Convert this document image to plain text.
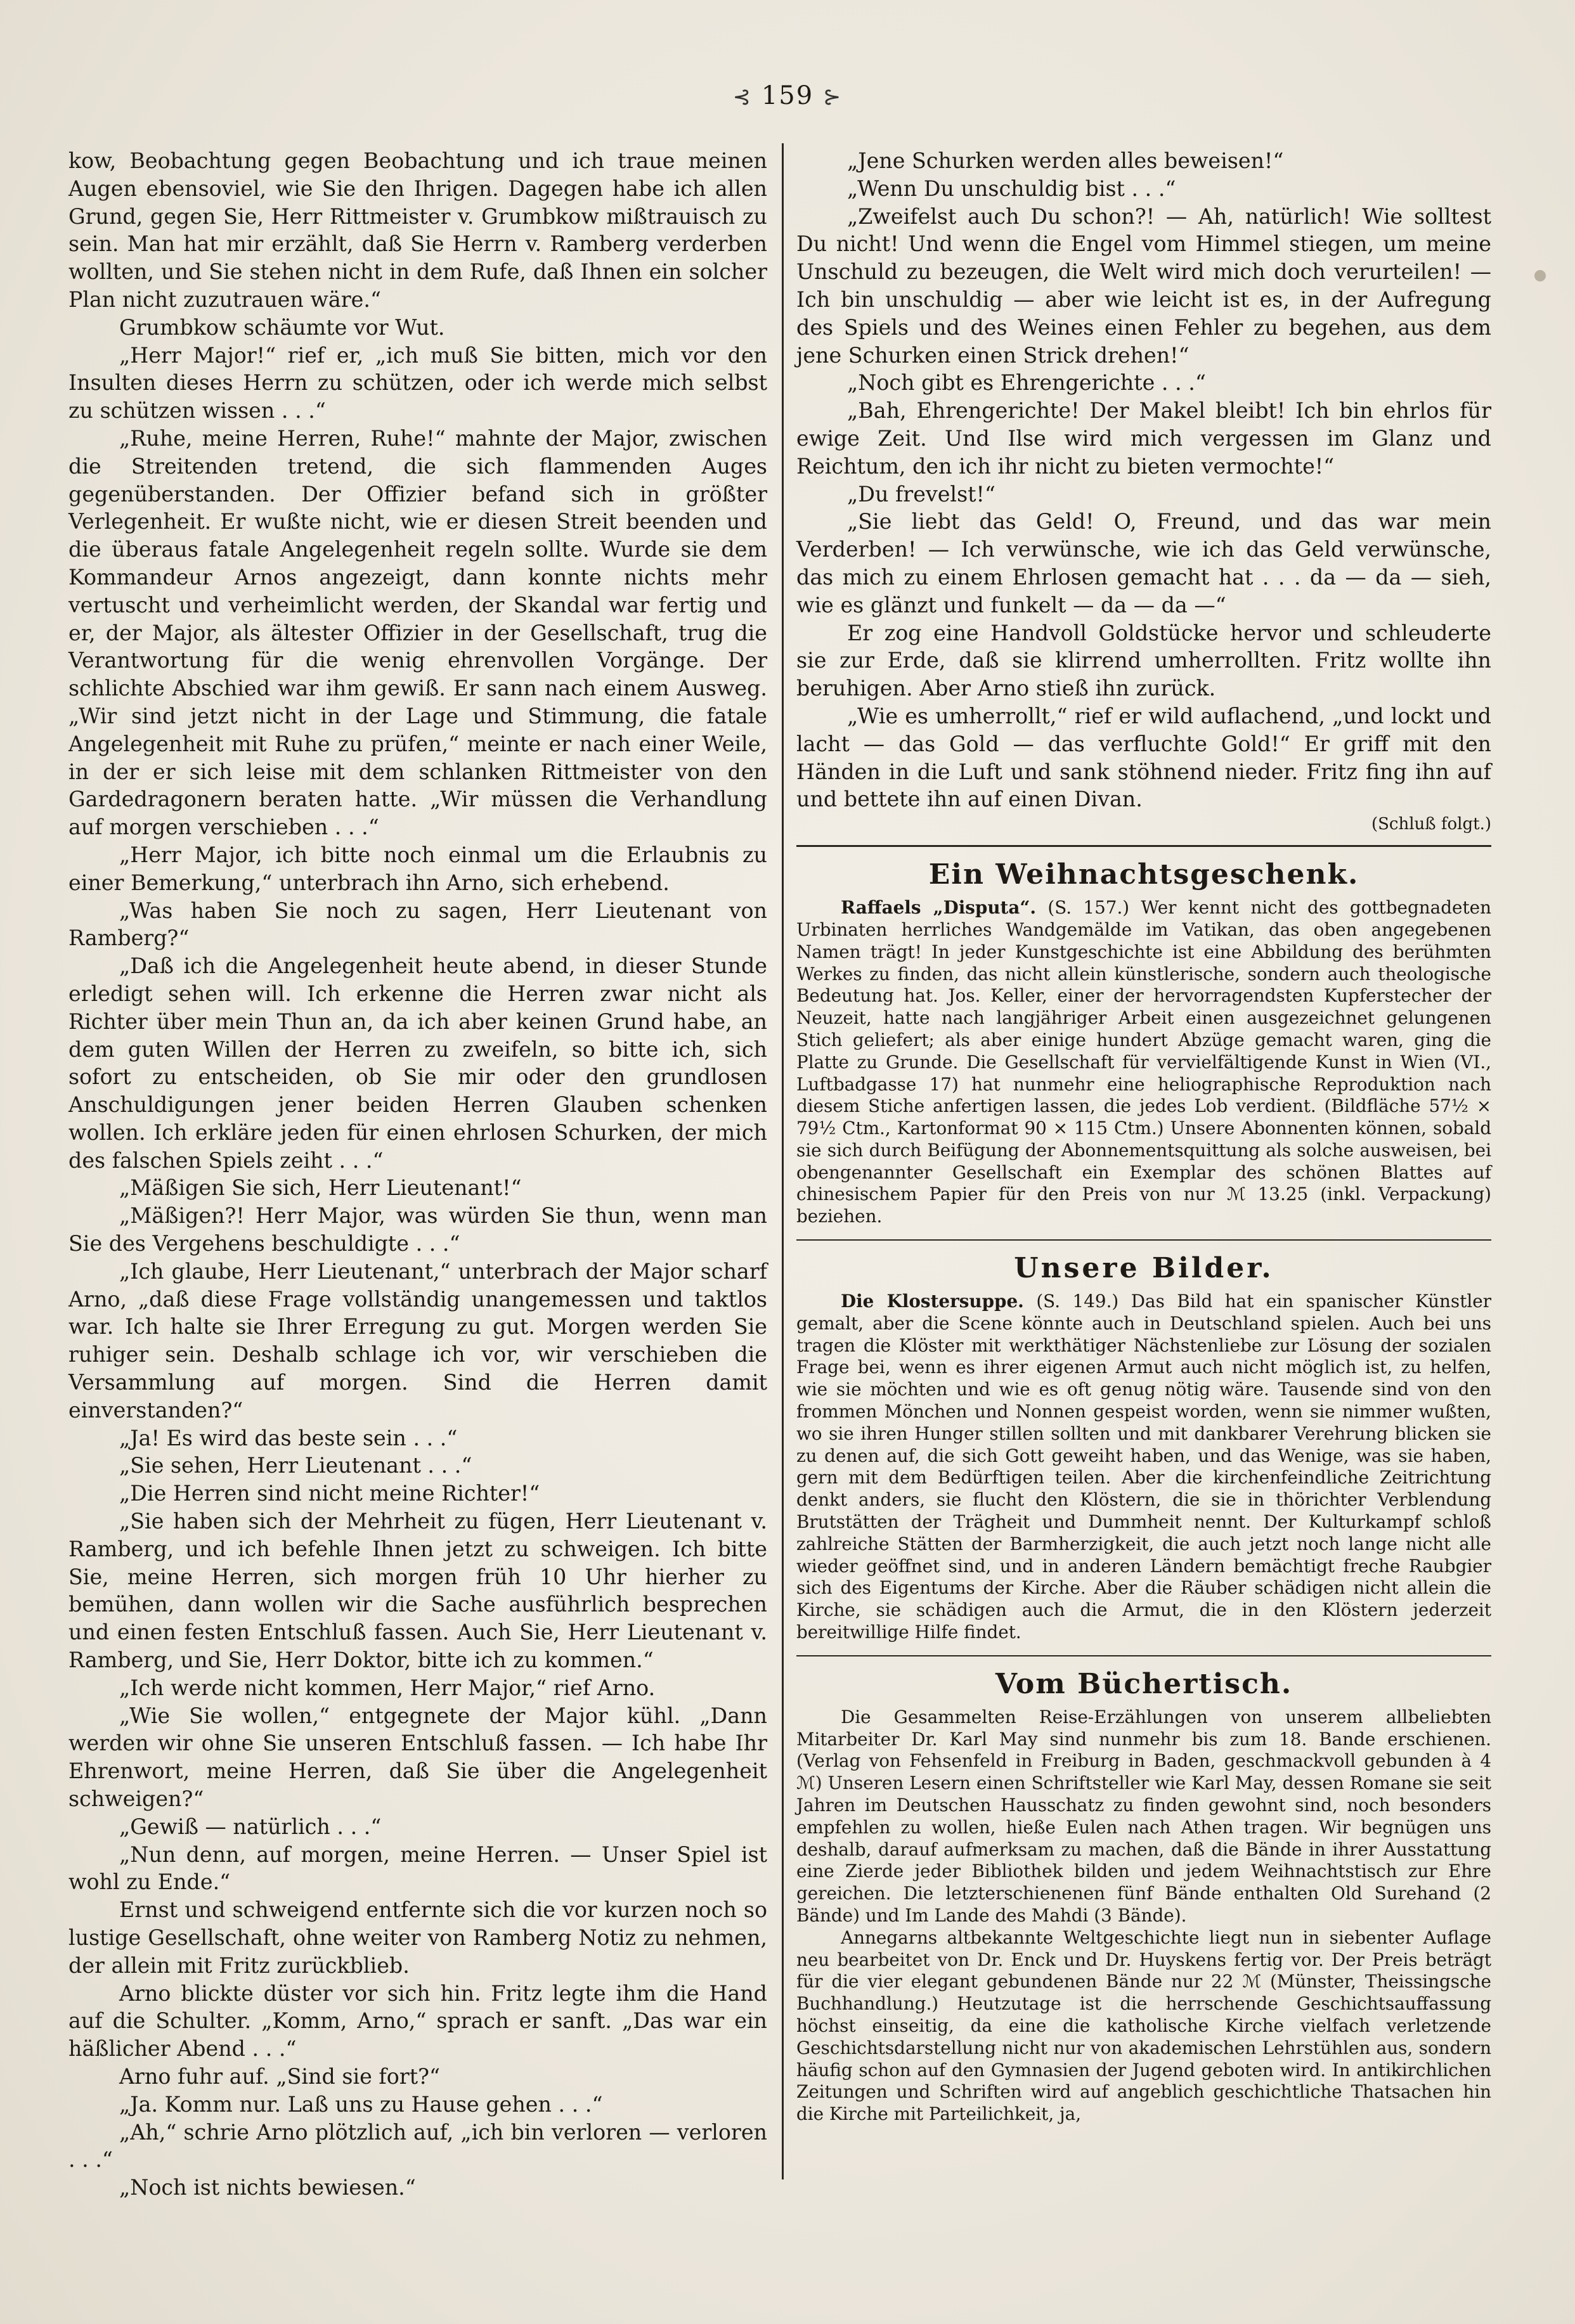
⊰ 159 ⊱

kow, Beobachtung gegen Beobachtung und ich traue meinen Augen ebensoviel, wie Sie den Ihrigen. Dagegen habe ich allen Grund, gegen Sie, Herr Rittmeister v. Grumbkow mißtrauisch zu sein. Man hat mir erzählt, daß Sie Herrn v. Ramberg verderben wollten, und Sie stehen nicht in dem Rufe, daß Ihnen ein solcher Plan nicht zuzutrauen wäre.“

Grumbkow schäumte vor Wut.

„Herr Major!“ rief er, „ich muß Sie bitten, mich vor den Insulten dieses Herrn zu schützen, oder ich werde mich selbst zu schützen wissen . . .“

„Ruhe, meine Herren, Ruhe!“ mahnte der Major, zwischen die Streitenden tretend, die sich flammenden Auges gegenüberstanden. Der Offizier befand sich in größter Verlegenheit. Er wußte nicht, wie er diesen Streit beenden und die überaus fatale Angelegenheit regeln sollte. Wurde sie dem Kommandeur Arnos angezeigt, dann konnte nichts mehr vertuscht und verheimlicht werden, der Skandal war fertig und er, der Major, als ältester Offizier in der Gesellschaft, trug die Verantwortung für die wenig ehrenvollen Vorgänge. Der schlichte Abschied war ihm gewiß. Er sann nach einem Ausweg. „Wir sind jetzt nicht in der Lage und Stimmung, die fatale Angelegenheit mit Ruhe zu prüfen,“ meinte er nach einer Weile, in der er sich leise mit dem schlanken Rittmeister von den Gardedragonern beraten hatte. „Wir müssen die Verhandlung auf morgen verschieben . . .“

„Herr Major, ich bitte noch einmal um die Erlaubnis zu einer Bemerkung,“ unterbrach ihn Arno, sich erhebend.

„Was haben Sie noch zu sagen, Herr Lieutenant von Ramberg?“

„Daß ich die Angelegenheit heute abend, in dieser Stunde erledigt sehen will. Ich erkenne die Herren zwar nicht als Richter über mein Thun an, da ich aber keinen Grund habe, an dem guten Willen der Herren zu zweifeln, so bitte ich, sich sofort zu entscheiden, ob Sie mir oder den grundlosen Anschuldigungen jener beiden Herren Glauben schenken wollen. Ich erkläre jeden für einen ehrlosen Schurken, der mich des falschen Spiels zeiht . . .“

„Mäßigen Sie sich, Herr Lieutenant!“

„Mäßigen?! Herr Major, was würden Sie thun, wenn man Sie des Vergehens beschuldigte . . .“

„Ich glaube, Herr Lieutenant,“ unterbrach der Major scharf Arno, „daß diese Frage vollständig unangemessen und taktlos war. Ich halte sie Ihrer Erregung zu gut. Morgen werden Sie ruhiger sein. Deshalb schlage ich vor, wir verschieben die Versammlung auf morgen. Sind die Herren damit einverstanden?“

„Ja! Es wird das beste sein . . .“

„Sie sehen, Herr Lieutenant . . .“

„Die Herren sind nicht meine Richter!“

„Sie haben sich der Mehrheit zu fügen, Herr Lieutenant v. Ramberg, und ich befehle Ihnen jetzt zu schweigen. Ich bitte Sie, meine Herren, sich morgen früh 10 Uhr hierher zu bemühen, dann wollen wir die Sache ausführlich besprechen und einen festen Entschluß fassen. Auch Sie, Herr Lieutenant v. Ramberg, und Sie, Herr Doktor, bitte ich zu kommen.“

„Ich werde nicht kommen, Herr Major,“ rief Arno.

„Wie Sie wollen,“ entgegnete der Major kühl. „Dann werden wir ohne Sie unseren Entschluß fassen. — Ich habe Ihr Ehrenwort, meine Herren, daß Sie über die Angelegenheit schweigen?“

„Gewiß — natürlich . . .“

„Nun denn, auf morgen, meine Herren. — Unser Spiel ist wohl zu Ende.“

Ernst und schweigend entfernte sich die vor kurzen noch so lustige Gesellschaft, ohne weiter von Ramberg Notiz zu nehmen, der allein mit Fritz zurückblieb.

Arno blickte düster vor sich hin. Fritz legte ihm die Hand auf die Schulter. „Komm, Arno,“ sprach er sanft. „Das war ein häßlicher Abend . . .“

Arno fuhr auf. „Sind sie fort?“

„Ja. Komm nur. Laß uns zu Hause gehen . . .“

„Ah,“ schrie Arno plötzlich auf, „ich bin verloren — verloren . . .“

„Noch ist nichts bewiesen.“

„Jene Schurken werden alles beweisen!“

„Wenn Du unschuldig bist . . .“

„Zweifelst auch Du schon?! — Ah, natürlich! Wie solltest Du nicht! Und wenn die Engel vom Himmel stiegen, um meine Unschuld zu bezeugen, die Welt wird mich doch verurteilen! — Ich bin unschuldig — aber wie leicht ist es, in der Aufregung des Spiels und des Weines einen Fehler zu begehen, aus dem jene Schurken einen Strick drehen!“

„Noch gibt es Ehrengerichte . . .“

„Bah, Ehrengerichte! Der Makel bleibt! Ich bin ehrlos für ewige Zeit. Und Ilse wird mich vergessen im Glanz und Reichtum, den ich ihr nicht zu bieten vermochte!“

„Du frevelst!“

„Sie liebt das Geld! O, Freund, und das war mein Verderben! — Ich verwünsche, wie ich das Geld verwünsche, das mich zu einem Ehrlosen gemacht hat . . . da — da — sieh, wie es glänzt und funkelt — da — da —“

Er zog eine Handvoll Goldstücke hervor und schleuderte sie zur Erde, daß sie klirrend umherrollten. Fritz wollte ihn beruhigen. Aber Arno stieß ihn zurück.

„Wie es umherrollt,“ rief er wild auflachend, „und lockt und lacht — das Gold — das verfluchte Gold!“ Er griff mit den Händen in die Luft und sank stöhnend nieder. Fritz fing ihn auf und bettete ihn auf einen Divan.

(Schluß folgt.)
Ein Weihnachtsgeschenk.

Raffaels „Disputa“. (S. 157.) Wer kennt nicht des gottbegnadeten Urbinaten herrliches Wandgemälde im Vatikan, das oben angegebenen Namen trägt! In jeder Kunstgeschichte ist eine Abbildung des berühmten Werkes zu finden, das nicht allein künstlerische, sondern auch theologische Bedeutung hat. Jos. Keller, einer der hervorragendsten Kupferstecher der Neuzeit, hatte nach langjähriger Arbeit einen ausgezeichnet gelungenen Stich geliefert; als aber einige hundert Abzüge gemacht waren, ging die Platte zu Grunde. Die Gesellschaft für vervielfältigende Kunst in Wien (VI., Luftbadgasse 17) hat nunmehr eine heliographische Reproduktion nach diesem Stiche anfertigen lassen, die jedes Lob verdient. (Bildfläche 57½ × 79½ Ctm., Kartonformat 90 × 115 Ctm.) Unsere Abonnenten können, sobald sie sich durch Beifügung der Abonnementsquittung als solche ausweisen, bei obengenannter Gesellschaft ein Exemplar des schönen Blattes auf chinesischem Papier für den Preis von nur ℳ 13.25 (inkl. Verpackung) beziehen.

Unsere Bilder.

Die Klostersuppe. (S. 149.) Das Bild hat ein spanischer Künstler gemalt, aber die Scene könnte auch in Deutschland spielen. Auch bei uns tragen die Klöster mit werkthätiger Nächstenliebe zur Lösung der sozialen Frage bei, wenn es ihrer eigenen Armut auch nicht möglich ist, zu helfen, wie sie möchten und wie es oft genug nötig wäre. Tausende sind von den frommen Mönchen und Nonnen gespeist worden, wenn sie nimmer wußten, wo sie ihren Hunger stillen sollten und mit dankbarer Verehrung blicken sie zu denen auf, die sich Gott geweiht haben, und das Wenige, was sie haben, gern mit dem Bedürftigen teilen. Aber die kirchenfeindliche Zeitrichtung denkt anders, sie flucht den Klöstern, die sie in thörichter Verblendung Brutstätten der Trägheit und Dummheit nennt. Der Kulturkampf schloß zahlreiche Stätten der Barmherzigkeit, die auch jetzt noch lange nicht alle wieder geöffnet sind, und in anderen Ländern bemächtigt freche Raubgier sich des Eigentums der Kirche. Aber die Räuber schädigen nicht allein die Kirche, sie schädigen auch die Armut, die in den Klöstern jederzeit bereitwillige Hilfe findet.

Vom Büchertisch.

Die Gesammelten Reise-Erzählungen von unserem allbeliebten Mitarbeiter Dr. Karl May sind nunmehr bis zum 18. Bande erschienen. (Verlag von Fehsenfeld in Freiburg in Baden, geschmackvoll gebunden à 4 ℳ) Unseren Lesern einen Schriftsteller wie Karl May, dessen Romane sie seit Jahren im Deutschen Hausschatz zu finden gewohnt sind, noch besonders empfehlen zu wollen, hieße Eulen nach Athen tragen. Wir begnügen uns deshalb, darauf aufmerksam zu machen, daß die Bände in ihrer Ausstattung eine Zierde jeder Bibliothek bilden und jedem Weihnachtstisch zur Ehre gereichen. Die letzterschienenen fünf Bände enthalten Old Surehand (2 Bände) und Im Lande des Mahdi (3 Bände).

Annegarns altbekannte Weltgeschichte liegt nun in siebenter Auflage neu bearbeitet von Dr. Enck und Dr. Huyskens fertig vor. Der Preis beträgt für die vier elegant gebundenen Bände nur 22 ℳ (Münster, Theissingsche Buchhandlung.) Heutzutage ist die herrschende Geschichtsauffassung höchst einseitig, da eine die katholische Kirche vielfach verletzende Geschichtsdarstellung nicht nur von akademischen Lehrstühlen aus, sondern häufig schon auf den Gymnasien der Jugend geboten wird. In antikirchlichen Zeitungen und Schriften wird auf angeblich geschichtliche Thatsachen hin die Kirche mit Parteilichkeit, ja,
